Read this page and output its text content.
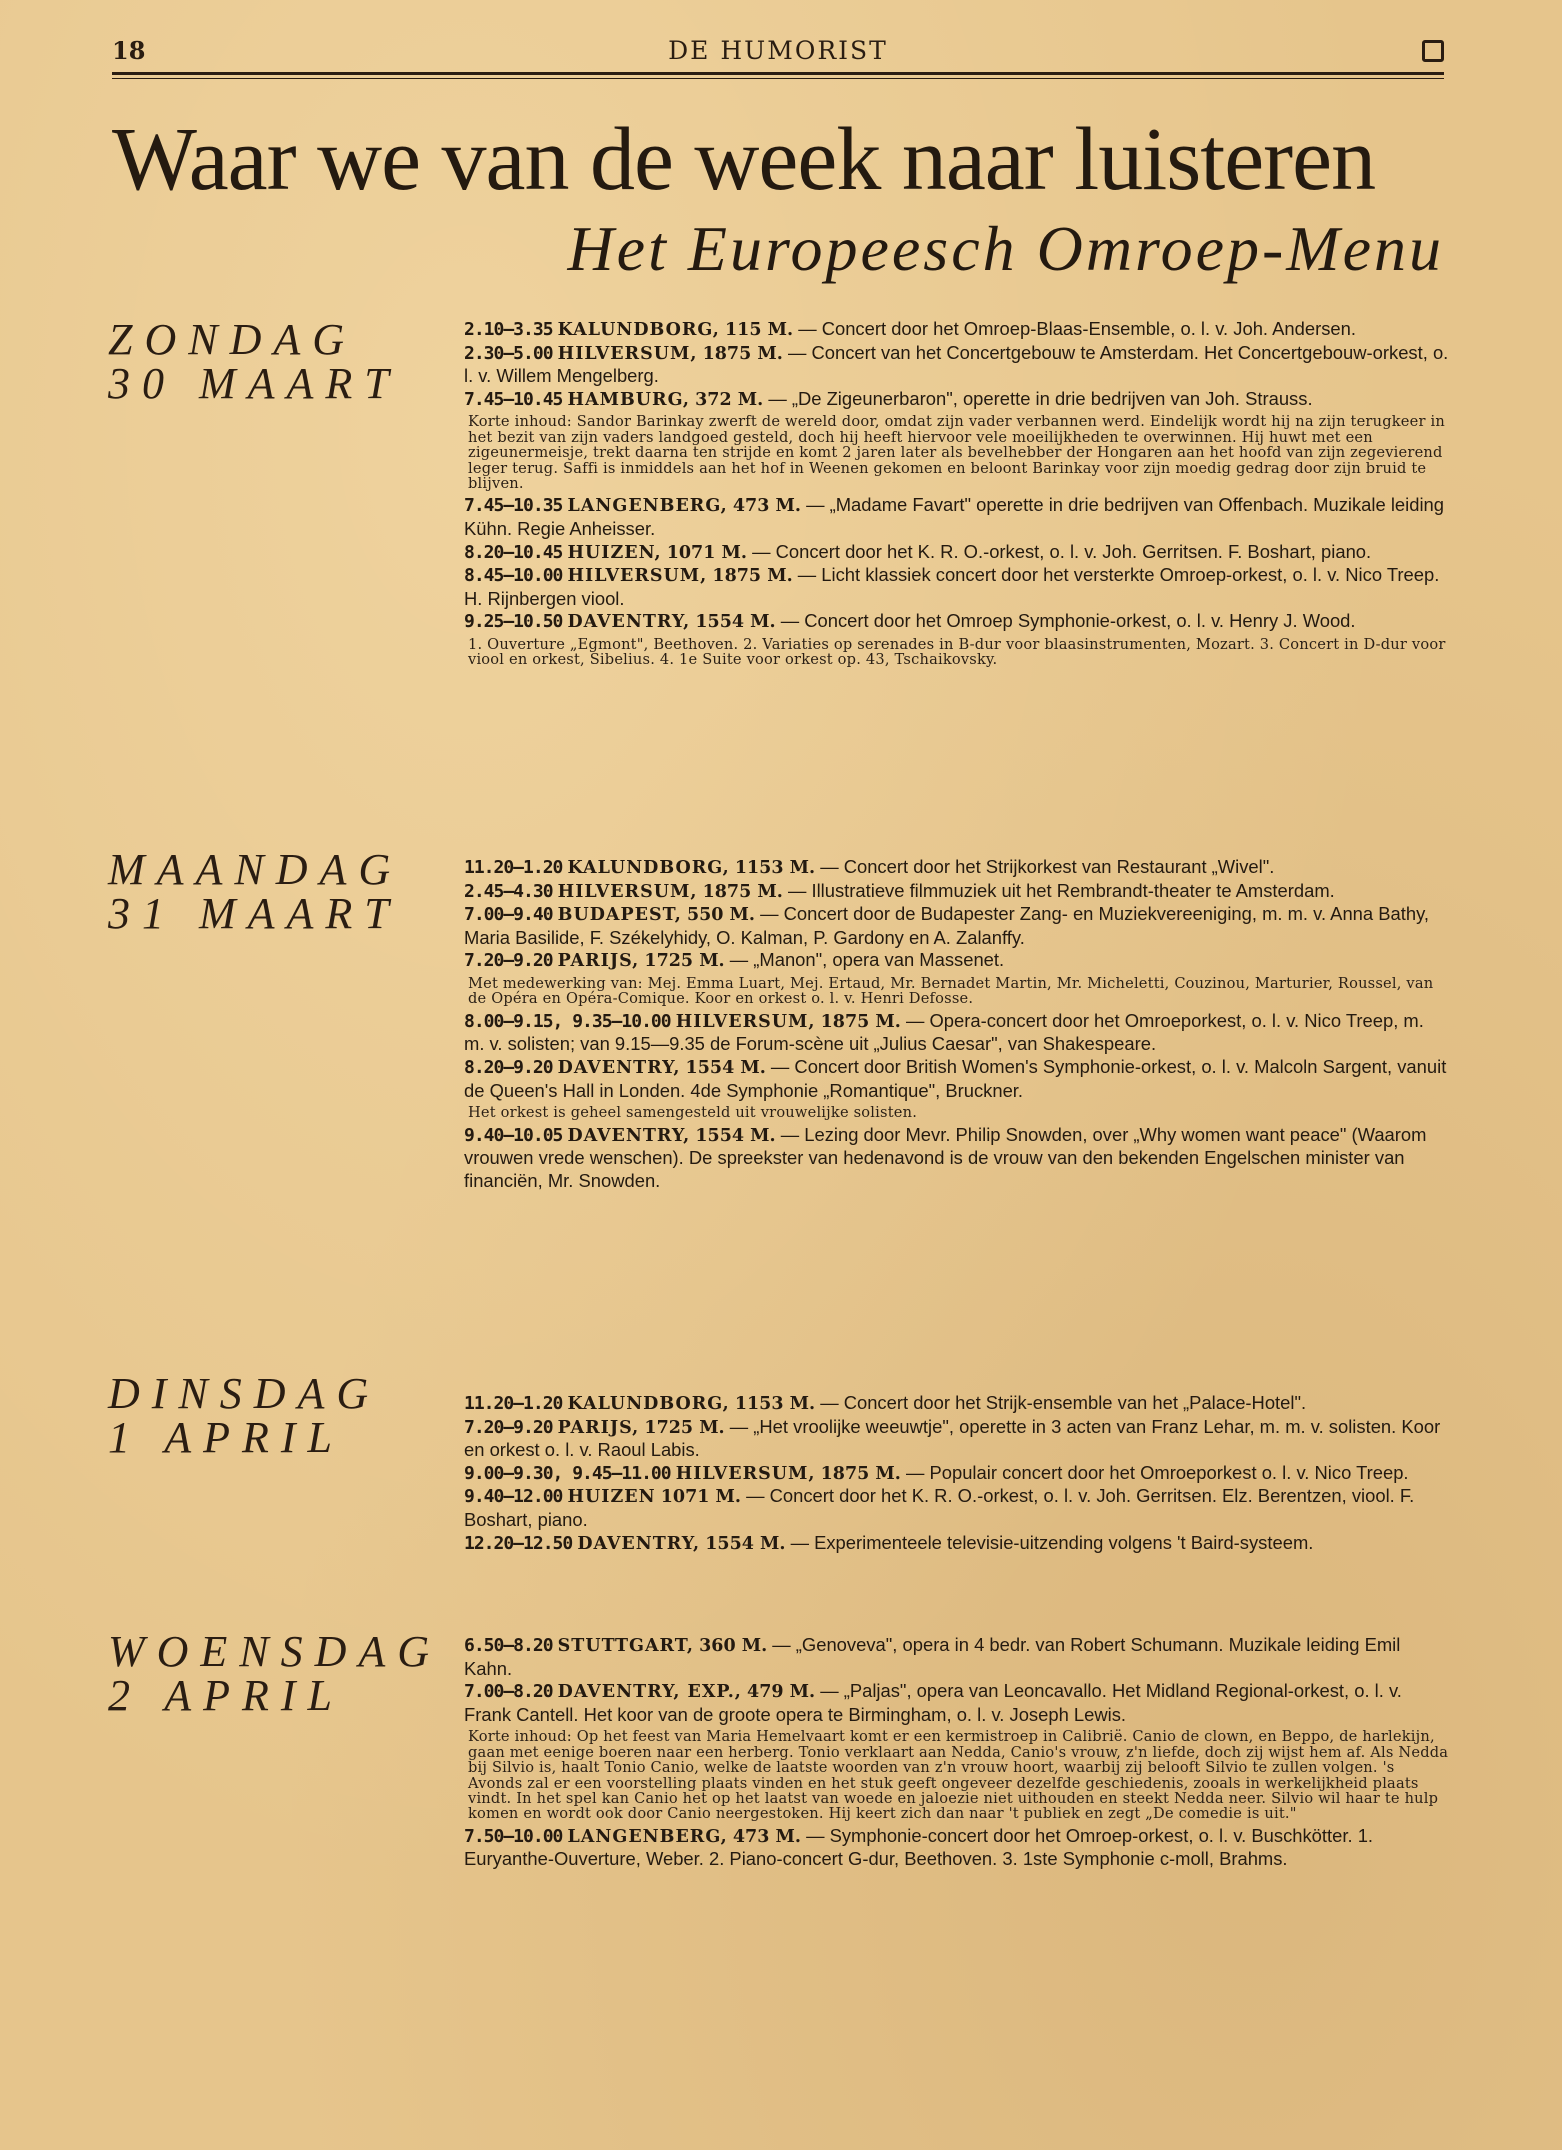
18	DE HUMORIST
Waar we van de week naar luisteren
Het Europeesch Omroep-Menu
ZONDAG
30 MAART
MAANDAG
31 MAART
DINSDAG
1 APRIL
WOENSDAG
2 APRIL
2.10—3.35 KALUNDBORG, 115 M. — Concert door het Omroep-Blaas-Ensemble, o. l. v. Joh. Andersen.
2.30—5.00 HILVERSUM, 1875 M. — Concert van het Concertgebouw te Amsterdam. Het Concertgebouw-orkest, o. l. v. Willem Mengelberg.
7.45—10.45 HAMBURG, 372 M. — „De Zigeunerbaron", operette in drie bedrijven van Joh. Strauss.
Korte inhoud: Sandor Barinkay zwerft de wereld door, omdat zijn vader verbannen werd. Eindelijk wordt hij na zijn terugkeer in het bezit van zijn vaders landgoed gesteld, doch hij heeft hiervoor vele moeilijkheden te overwinnen. Hij huwt met een zigeunermeisje, trekt daarna ten strijde en komt 2 jaren later als bevelhebber der Hongaren aan het hoofd van zijn zegevierend leger terug. Saffi is inmiddels aan het hof in Weenen gekomen en beloont Barinkay voor zijn moedig gedrag door zijn bruid te blijven.
7.45—10.35 LANGENBERG, 473 M. — „Madame Favart" operette in drie bedrijven van Offenbach. Muzikale leiding Kühn. Regie Anheisser.
8.20—10.45 HUIZEN, 1071 M. — Concert door het K. R. O.-orkest, o. l. v. Joh. Gerritsen. F. Boshart, piano.
8.45—10.00 HILVERSUM, 1875 M. — Licht klassiek concert door het versterkte Omroep-orkest, o. l. v. Nico Treep. H. Rijnbergen viool.
9.25—10.50 DAVENTRY, 1554 M. — Concert door het Omroep Symphonie-orkest, o. l. v. Henry J. Wood.
1. Ouverture „Egmont", Beethoven. 2. Variaties op serenades in B-dur voor blaasinstrumenten, Mozart. 3. Concert in D-dur voor viool en orkest, Sibelius. 4. 1e Suite voor orkest op. 43, Tschaikovsky.
11.20—1.20 KALUNDBORG, 1153 M. — Concert door het Strijkorkest van Restaurant „Wivel".
2.45—4.30 HILVERSUM, 1875 M. — Illustratieve filmmuziek uit het Rembrandt-theater te Amsterdam.
7.00—9.40 BUDAPEST, 550 M. — Concert door de Budapester Zang- en Muziekvereeniging, m. m. v. Anna Bathy, Maria Basilide, F. Székelyhidy, O. Kalman, P. Gardony en A. Zalanffy.
7.20—9.20 PARIJS, 1725 M. — „Manon", opera van Massenet.
Met medewerking van: Mej. Emma Luart, Mej. Ertaud, Mr. Bernadet Martin, Mr. Micheletti, Couzinou, Marturier, Roussel, van de Opéra en Opéra-Comique. Koor en orkest o. l. v. Henri Defosse.
8.00—9.15, 9.35—10.00 HILVERSUM, 1875 M. — Opera-concert door het Omroeporkest, o. l. v. Nico Treep, m. m. v. solisten; van 9.15—9.35 de Forum-scène uit „Julius Caesar", van Shakespeare.
8.20—9.20 DAVENTRY, 1554 M. — Concert door British Women's Symphonie-orkest, o. l. v. Malcoln Sargent, vanuit de Queen's Hall in Londen. 4de Symphonie „Romantique", Bruckner.
Het orkest is geheel samengesteld uit vrouwelijke solisten.
9.40—10.05 DAVENTRY, 1554 M. — Lezing door Mevr. Philip Snowden, over „Why women want peace" (Waarom vrouwen vrede wenschen). De spreekster van hedenavond is de vrouw van den bekenden Engelschen minister van financiën, Mr. Snowden.
11.20—1.20 KALUNDBORG, 1153 M. — Concert door het Strijk-ensemble van het „Palace-Hotel".
7.20—9.20 PARIJS, 1725 M. — „Het vroolijke weeuwtje", operette in 3 acten van Franz Lehar, m. m. v. solisten. Koor en orkest o. l. v. Raoul Labis.
9.00—9.30, 9.45—11.00 HILVERSUM, 1875 M. — Populair concert door het Omroeporkest o. l. v. Nico Treep.
9.40—12.00 HUIZEN 1071 M. — Concert door het K. R. O.-orkest, o. l. v. Joh. Gerritsen. Elz. Berentzen, viool. F. Boshart, piano.
12.20—12.50 DAVENTRY, 1554 M. — Experimenteele televisie-uitzending volgens 't Baird-systeem.
6.50—8.20 STUTTGART, 360 M. — „Genoveva", opera in 4 bedr. van Robert Schumann. Muzikale leiding Emil Kahn.
7.00—8.20 DAVENTRY, EXP., 479 M. — „Paljas", opera van Leoncavallo. Het Midland Regional-orkest, o. l. v. Frank Cantell. Het koor van de groote opera te Birmingham, o. l. v. Joseph Lewis.
Korte inhoud: Op het feest van Maria Hemelvaart komt er een kermistroep in Calibrië. Canio de clown, en Beppo, de harlekijn, gaan met eenige boeren naar een herberg. Tonio verklaart aan Nedda, Canio's vrouw, z'n liefde, doch zij wijst hem af. Als Nedda bij Silvio is, haalt Tonio Canio, welke de laatste woorden van z'n vrouw hoort, waarbij zij belooft Silvio te zullen volgen. 's Avonds zal er een voorstelling plaats vinden en het stuk geeft ongeveer dezelfde geschiedenis, zooals in werkelijkheid plaats vindt. In het spel kan Canio het op het laatst van woede en jaloezie niet uithouden en steekt Nedda neer. Silvio wil haar te hulp komen en wordt ook door Canio neergestoken. Hij keert zich dan naar 't publiek en zegt „De comedie is uit."
7.50—10.00 LANGENBERG, 473 M. — Symphonie-concert door het Omroep-orkest, o. l. v. Buschkötter. 1. Euryanthe-Ouverture, Weber. 2. Piano-concert G-dur, Beethoven. 3. 1ste Symphonie c-moll, Brahms.
